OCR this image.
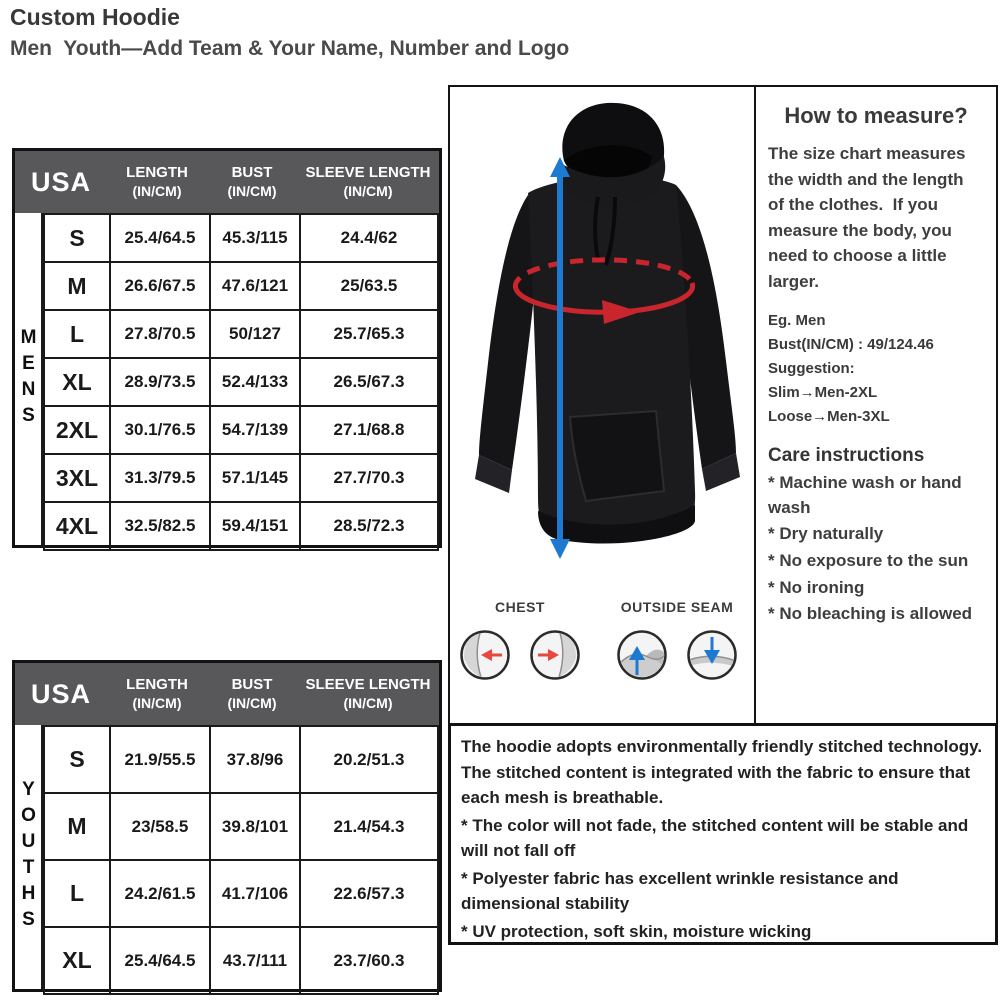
Custom Hoodie
Men  Youth—Add Team & Your Name, Number and Logo
USA	LENGTH
(IN/CM)
BUST
(IN/CM)
SLEEVE LENGTH
(IN/CM)
MENS
S	25.4/64.5	45.3/115	24.4/62
M	26.6/67.5	47.6/121	25/63.5
L	27.8/70.5	50/127	25.7/65.3
XL	28.9/73.5	52.4/133	26.5/67.3
2XL	30.1/76.5	54.7/139	27.1/68.8
3XL	31.3/79.5	57.1/145	27.7/70.3
4XL	32.5/82.5	59.4/151	28.5/72.3
USA	LENGTH
(IN/CM)
BUST
(IN/CM)
SLEEVE LENGTH
(IN/CM)
YOUTHS
S	21.9/55.5	37.8/96	20.2/51.3
M	23/58.5	39.8/101	21.4/54.3
L	24.2/61.5	41.7/106	22.6/57.3
XL	25.4/64.5	43.7/111	23.7/60.3
CHEST	OUTSIDE SEAM
How to measure?
The size chart measures the width and the length of the clothes.  If you measure the body, you need to choose a little larger.
Eg. Men
Bust(IN/CM) : 49/124.46
Suggestion:
Slim→Men-2XL
Loose→Men-3XL
Care instructions
* Machine wash or hand wash
* Dry naturally
* No exposure to the sun
* No ironing
* No bleaching is allowed

The hoodie adopts environmentally friendly stitched technology. The stitched content is integrated with the fabric to ensure that each mesh is breathable.

* The color will not fade, the stitched content will be stable and will not fall off

* Polyester fabric has excellent wrinkle resistance and dimensional stability

* UV protection, soft skin, moisture wicking
